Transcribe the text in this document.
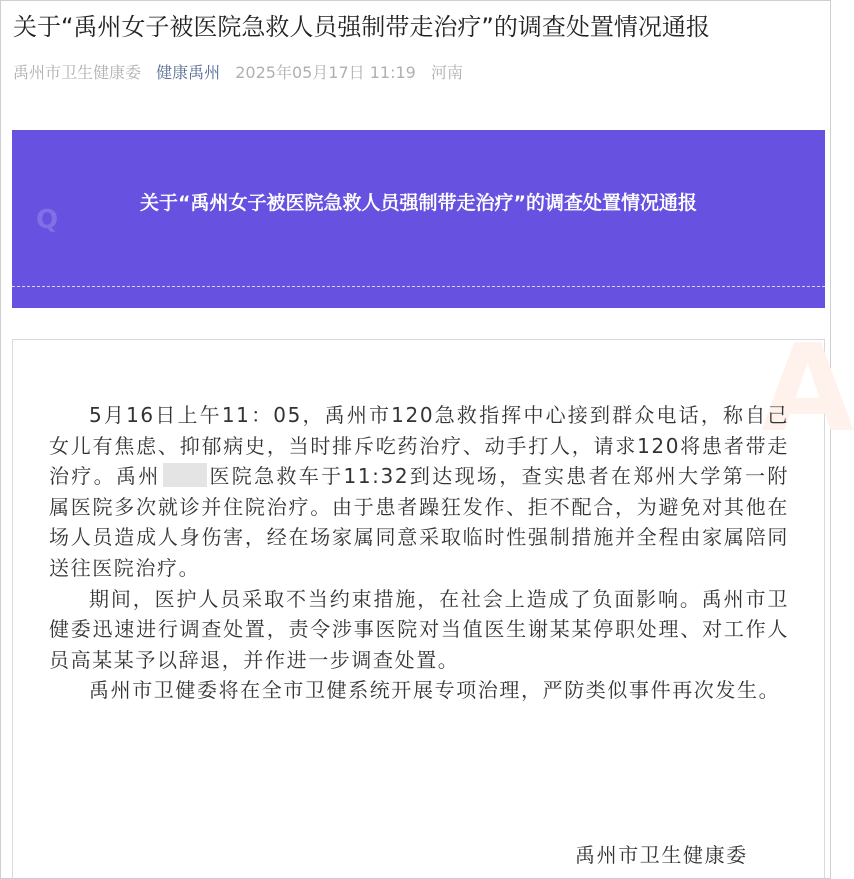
关于“禹州女子被医院急救人员强制带走治疗”的调查处置情况通报
禹州市卫生健康委 健康禹州 2025年05月17日 11:19 河南
Q
关于“禹州女子被医院急救人员强制带走治疗”的调查处置情况通报
A

5月16日上午11：05，禹州市120急救指挥中心接到群众电话，称自己女儿有焦虑、抑郁病史，当时排斥吃药治疗、动手打人，请求120将患者带走治疗。禹州 医院急救车于11:32到达现场，查实患者在郑州大学第一附属医院多次就诊并住院治疗。由于患者躁狂发作、拒不配合，为避免对其他在场人员造成人身伤害，经在场家属同意采取临时性强制措施并全程由家属陪同送往医院治疗。

期间，医护人员采取不当约束措施，在社会上造成了负面影响。禹州市卫健委迅速进行调查处置，责令涉事医院对当值医生谢某某停职处理、对工作人员高某某予以辞退，并作进一步调查处置。

禹州市卫健委将在全市卫健系统开展专项治理，严防类似事件再次发生。

禹州市卫生健康委
